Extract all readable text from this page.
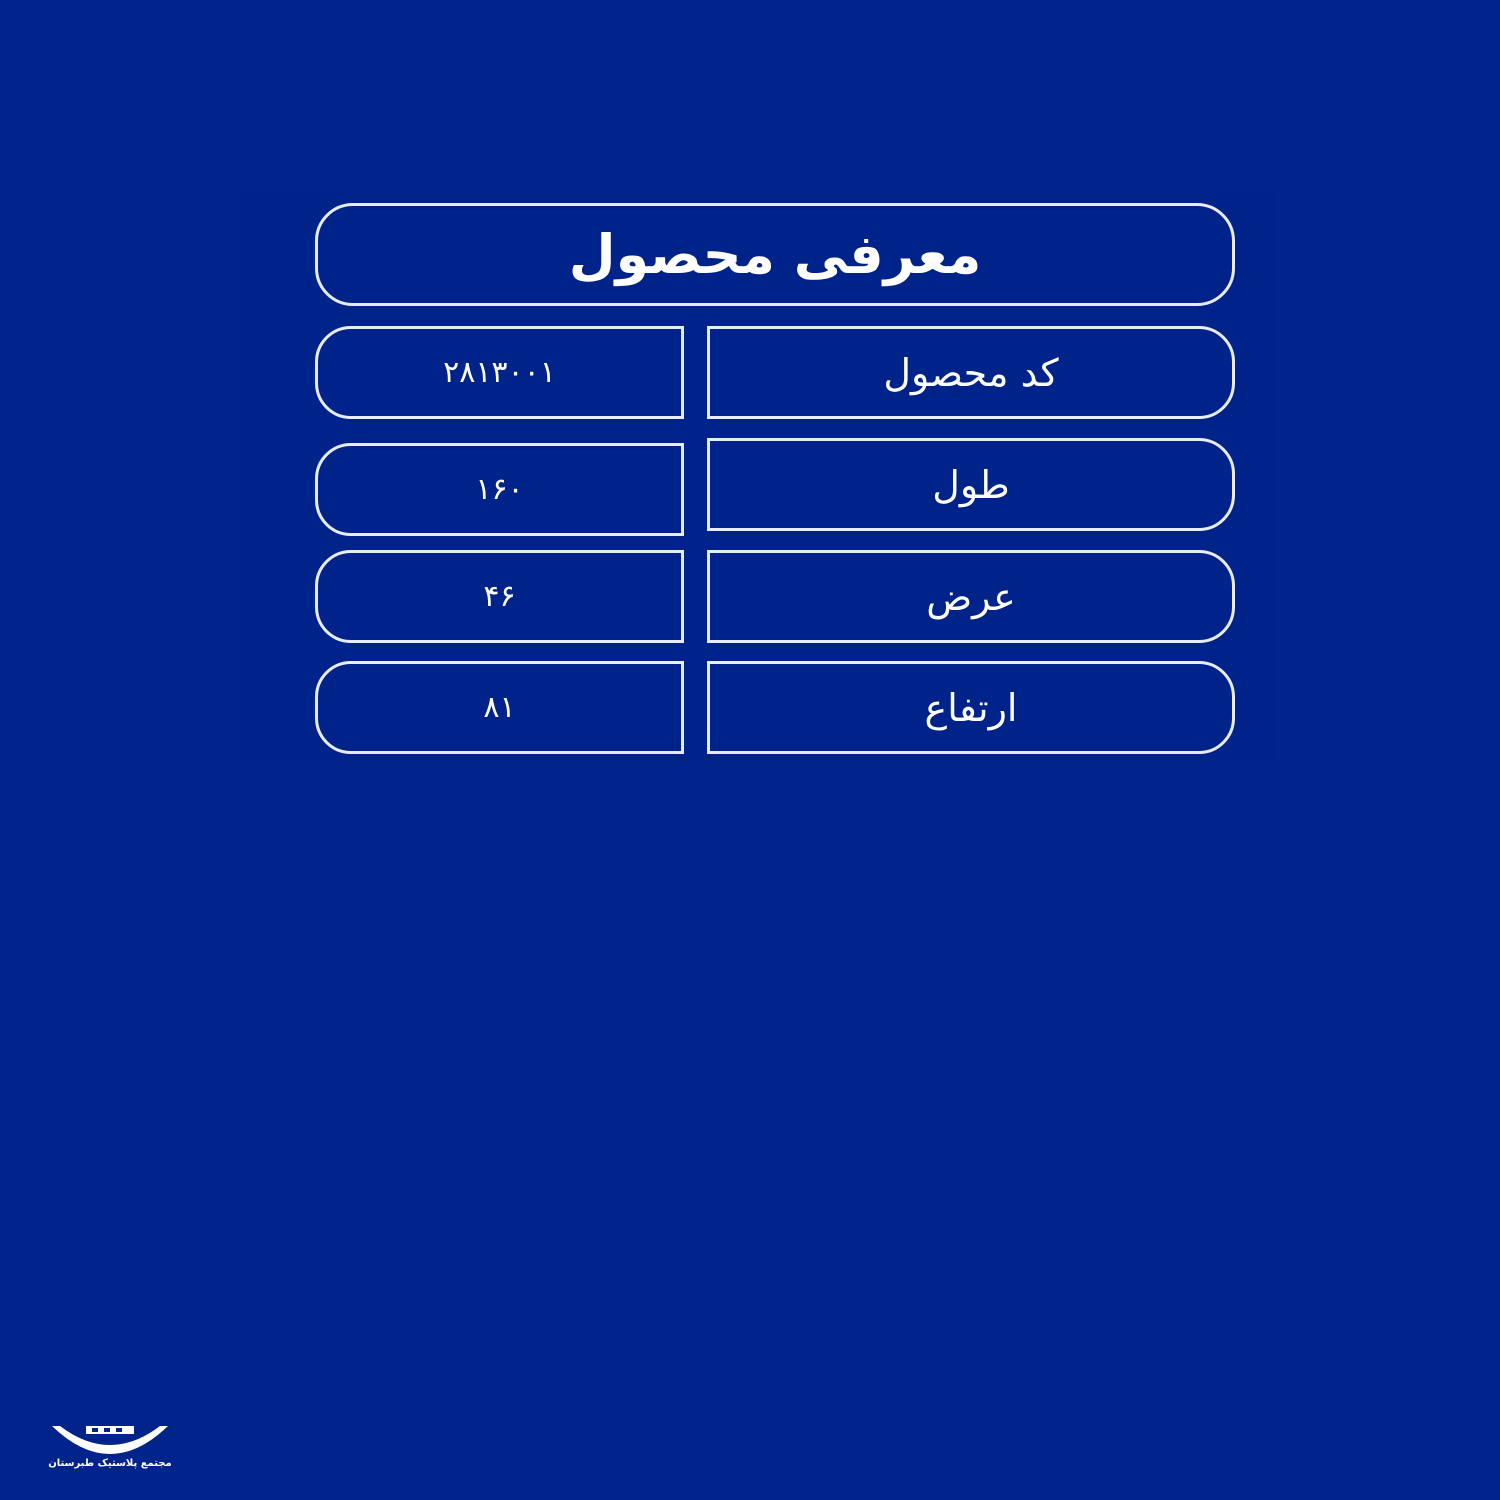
معرفی محصول
کد محصول
۲۸۱۳۰۰۱
طول
۱۶۰
عرض
۴۶
ارتفاع
۸۱
مجتمع پلاستیک طبرستان
